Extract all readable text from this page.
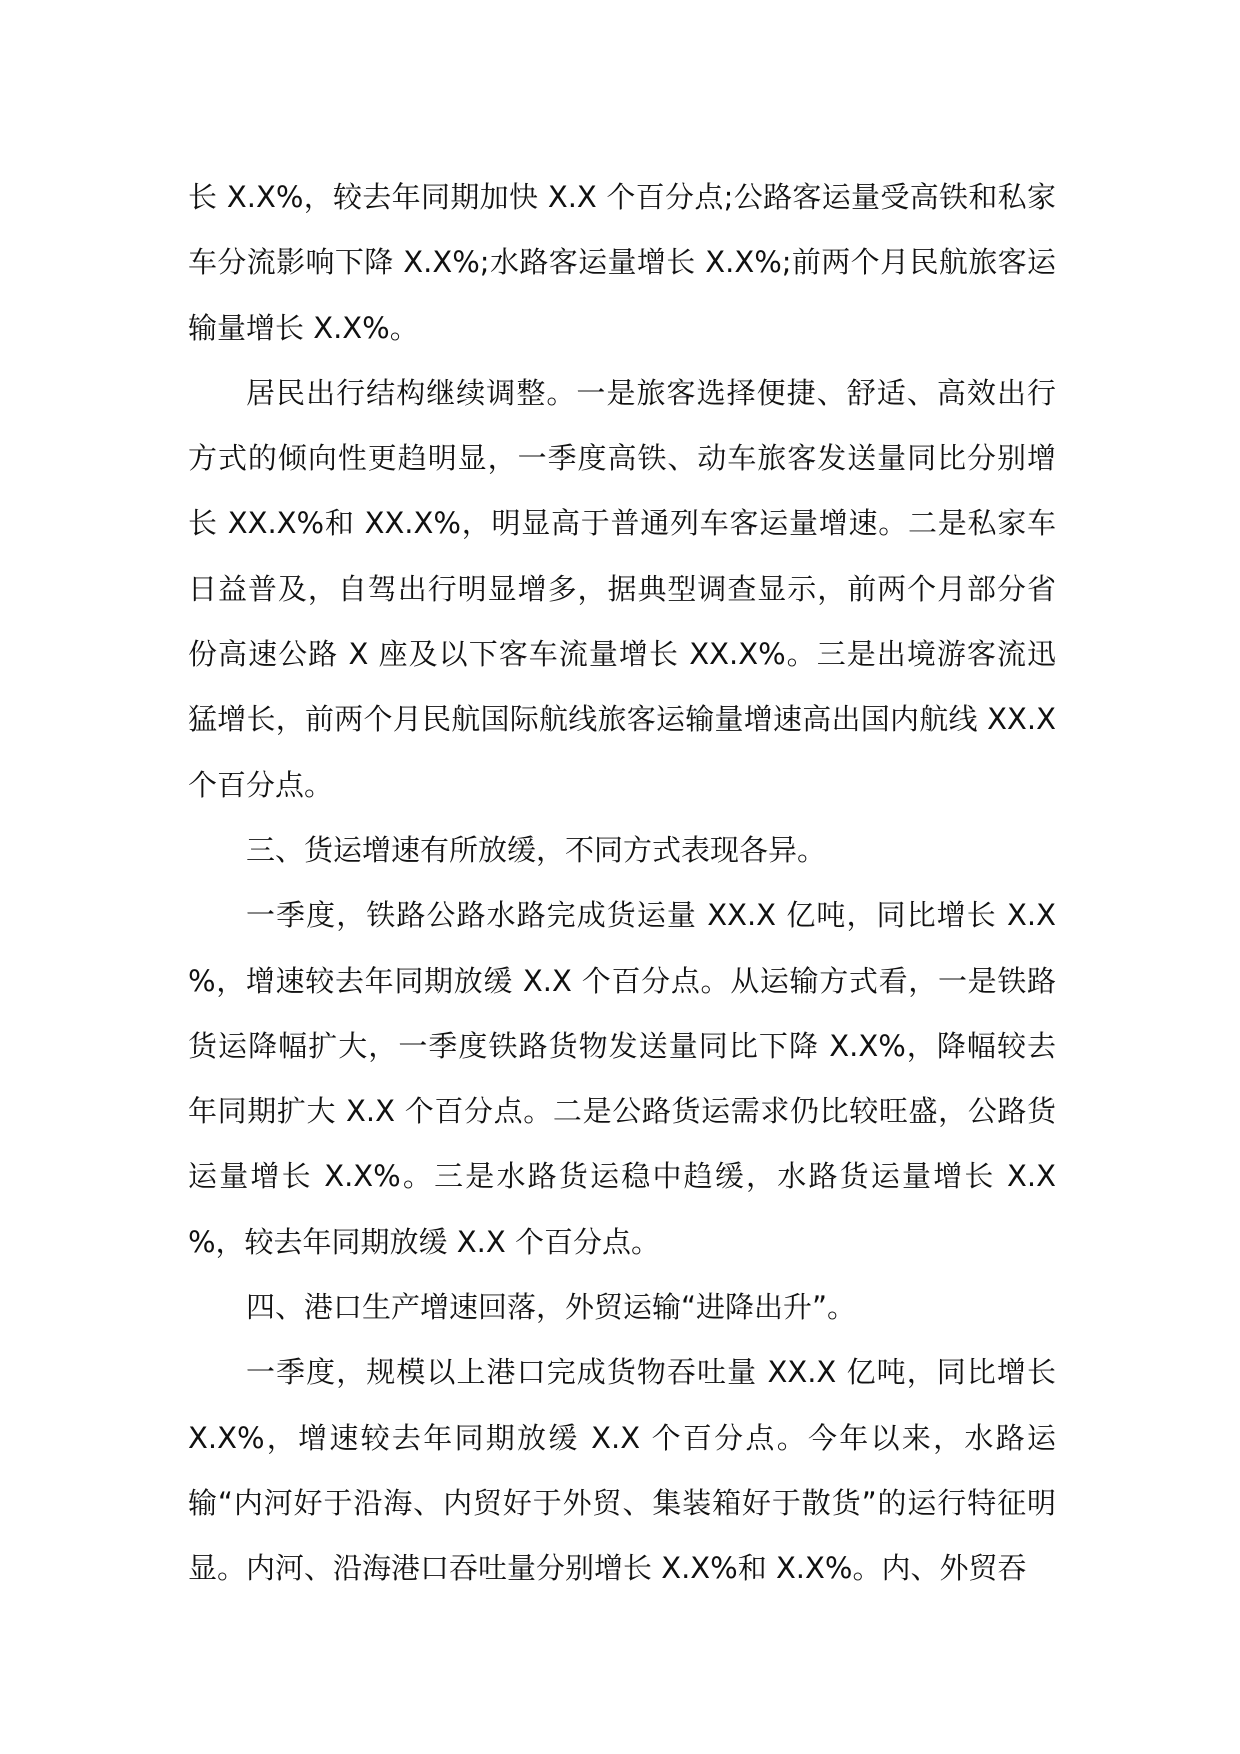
长 X.X%，较去年同期加快 X.X 个百分点;公路客运量受高铁和私家车分流影响下降 X.X%;水路客运量增长 X.X%;前两个月民航旅客运输量增长 X.X%。

居民出行结构继续调整。一是旅客选择便捷、舒适、高效出行方式的倾向性更趋明显，一季度高铁、动车旅客发送量同比分别增长 XX.X%和 XX.X%，明显高于普通列车客运量增速。二是私家车日益普及，自驾出行明显增多，据典型调查显示，前两个月部分省份高速公路 X 座及以下客车流量增长 XX.X%。三是出境游客流迅猛增长，前两个月民航国际航线旅客运输量增速高出国内航线 XX.X 个百分点。

三、货运增速有所放缓，不同方式表现各异。

一季度，铁路公路水路完成货运量 XX.X 亿吨，同比增长 X.X %，增速较去年同期放缓 X.X 个百分点。从运输方式看，一是铁路货运降幅扩大，一季度铁路货物发送量同比下降 X.X%，降幅较去年同期扩大 X.X 个百分点。二是公路货运需求仍比较旺盛，公路货运量增长 X.X%。三是水路货运稳中趋缓，水路货运量增长 X.X %，较去年同期放缓 X.X 个百分点。

四、港口生产增速回落，外贸运输“进降出升”。

一季度，规模以上港口完成货物吞吐量 XX.X 亿吨，同比增长 X.X%，增速较去年同期放缓 X.X 个百分点。今年以来，水路运输“内河好于沿海、内贸好于外贸、集装箱好于散货”的运行特征明显。内河、沿海港口吞吐量分别增长 X.X%和 X.X%。内、外贸吞
